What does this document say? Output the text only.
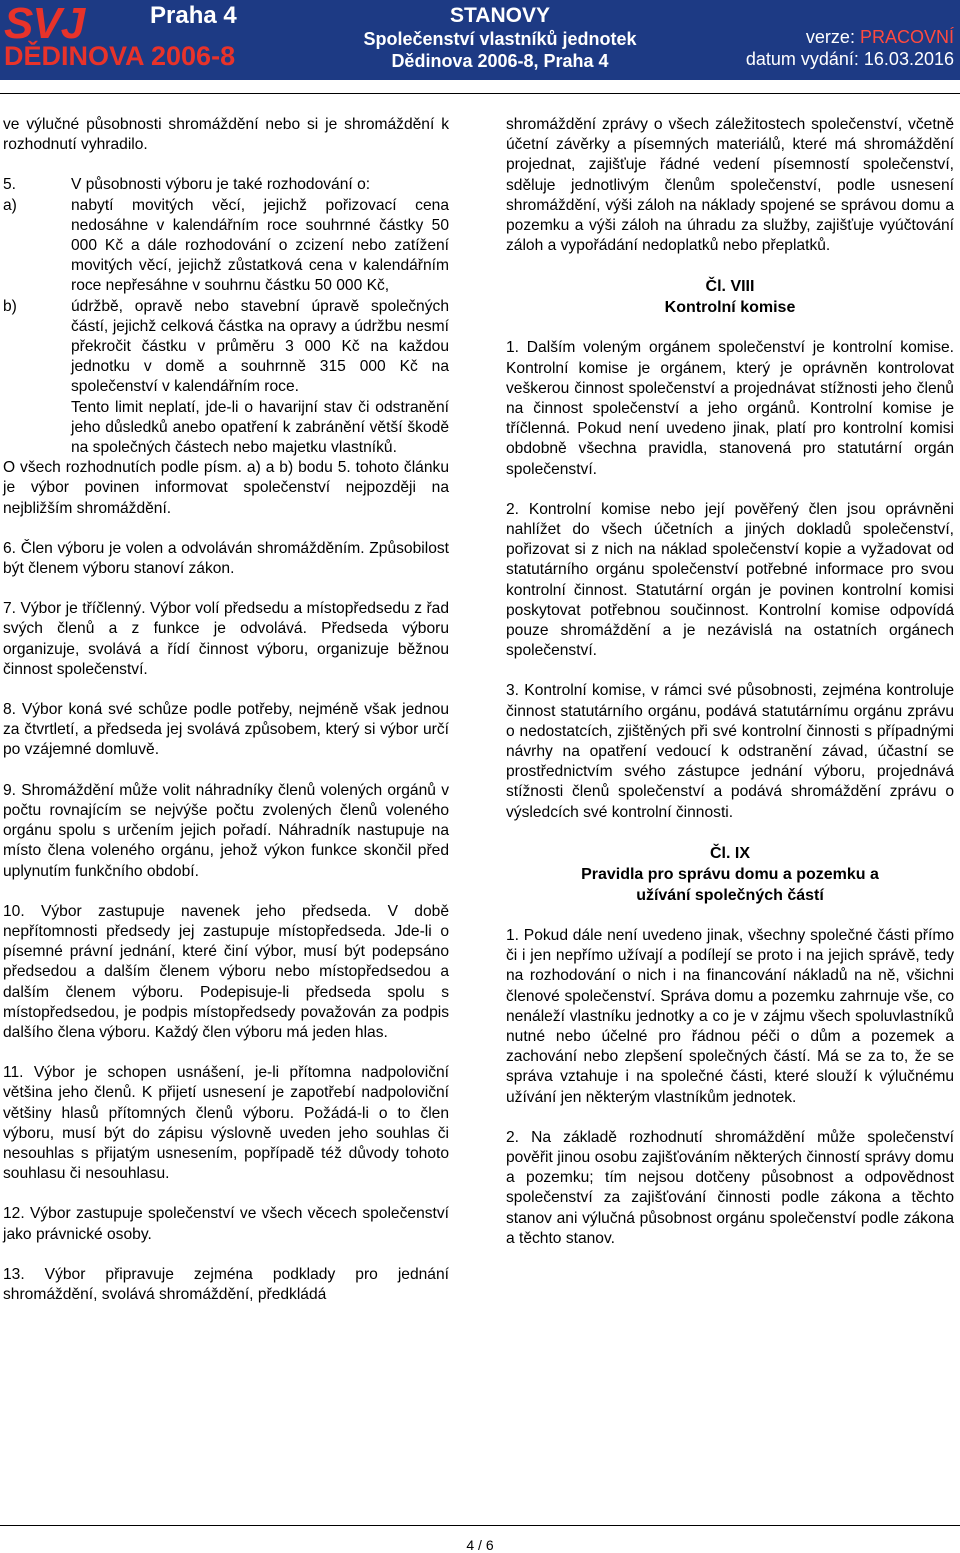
SVJ	Praha 4
DĚDINOVA 2006-8
STANOVY
Společenství vlastníků jednotek
Dědinova 2006-8, Praha 4
verze: PRACOVNÍ
datum vydání: 16.03.2016

ve výlučné působnosti shromáždění nebo si je shromáždění k rozhodnutí vyhradilo.

5.	V působnosti výboru je také rozhodování o:
a)	nabytí movitých věcí, jejichž pořizovací cena nedosáhne v kalendářním roce souhrnné částky 50 000 Kč a dále rozhodování o zcizení nebo zatížení movitých věcí, jejichž zůstatková cena v kalendářním roce nepřesáhne v souhrnu částku 50 000 Kč,
b)	údržbě, opravě nebo stavební úpravě společných částí, jejichž celková částka na opravy a údržbu nesmí překročit částku v průměru 3 000 Kč na každou jednotku v domě a souhrnně 315 000 Kč na společenství v kalendářním roce.

Tento limit neplatí, jde-li o havarijní stav či odstranění jeho důsledků anebo opatření k zabránění větší škodě na společných částech nebo majetku vlastníků.

O všech rozhodnutích podle písm. a) a b) bodu 5. tohoto článku je výbor povinen informovat společenství nejpozději na nejbližším shromáždění.

6. Člen výboru je volen a odvoláván shromážděním. Způsobilost být členem výboru stanoví zákon.

7. Výbor je tříčlenný. Výbor volí předsedu a místopředsedu z řad svých členů a z funkce je odvolává. Předseda výboru organizuje, svolává a řídí činnost výboru, organizuje běžnou činnost společenství.

8. Výbor koná své schůze podle potřeby, nejméně však jednou za čtvrtletí, a předseda jej svolává způsobem, který si výbor určí po vzájemné domluvě.

9. Shromáždění může volit náhradníky členů volených orgánů v počtu rovnajícím se nejvýše počtu zvolených členů voleného orgánu spolu s určením jejich pořadí. Náhradník nastupuje na místo člena voleného orgánu, jehož výkon funkce skončil před uplynutím funkčního období.

10. Výbor zastupuje navenek jeho předseda. V době nepřítomnosti předsedy jej zastupuje místopředseda. Jde-li o písemné právní jednání, které činí výbor, musí být podepsáno předsedou a dalším členem výboru nebo místopředsedou a dalším členem výboru. Podepisuje-li předseda spolu s místopředsedou, je podpis místopředsedy považován za podpis dalšího člena výboru. Každý člen výboru má jeden hlas.

11. Výbor je schopen usnášení, je-li přítomna nadpoloviční většina jeho členů. K přijetí usnesení je zapotřebí nadpoloviční většiny hlasů přítomných členů výboru. Požádá-li o to člen výboru, musí být do zápisu výslovně uveden jeho souhlas či nesouhlas s přijatým usnesením, popřípadě též důvody tohoto souhlasu či nesouhlasu.

12. Výbor zastupuje společenství ve všech věcech společenství jako právnické osoby.

13. Výbor připravuje zejména podklady pro jednání shromáždění, svolává shromáždění, předkládá

shromáždění zprávy o všech záležitostech společenství, včetně účetní závěrky a písemných materiálů, které má shromáždění projednat, zajišťuje řádné vedení písemností společenství, sděluje jednotlivým členům společenství, podle usnesení shromáždění, výši záloh na náklady spojené se správou domu a pozemku a výši záloh na úhradu za služby, zajišťuje vyúčtování záloh a vypořádání nedoplatků nebo přeplatků.

Čl. VIII

Kontrolní komise

1. Dalším voleným orgánem společenství je kontrolní komise. Kontrolní komise je orgánem, který je oprávněn kontrolovat veškerou činnost společenství a projednávat stížnosti jeho členů na činnost společenství a jeho orgánů. Kontrolní komise je tříčlenná. Pokud není uvedeno jinak, platí pro kontrolní komisi obdobně všechna pravidla, stanovená pro statutární orgán společenství.

2. Kontrolní komise nebo její pověřený člen jsou oprávněni nahlížet do všech účetních a jiných dokladů společenství, pořizovat si z nich na náklad společenství kopie a vyžadovat od statutárního orgánu společenství potřebné informace pro svou kontrolní činnost. Statutární orgán je povinen kontrolní komisi poskytovat potřebnou součinnost. Kontrolní komise odpovídá pouze shromáždění a je nezávislá na ostatních orgánech společenství.

3. Kontrolní komise, v rámci své působnosti, zejména kontroluje činnost statutárního orgánu, podává statutárnímu orgánu zprávu o nedostatcích, zjištěných při své kontrolní činnosti s případnými návrhy na opatření vedoucí k odstranění závad, účastní se prostřednictvím svého zástupce jednání výboru, projednává stížnosti členů společenství a podává shromáždění zprávu o výsledcích své kontrolní činnosti.

Čl. IX

Pravidla pro správu domu a pozemku a užívání společných částí

1. Pokud dále není uvedeno jinak, všechny společné části přímo či i jen nepřímo užívají a podílejí se proto i na jejich správě, tedy na rozhodování o nich i na financování nákladů na ně, všichni členové společenství. Správa domu a pozemku zahrnuje vše, co nenáleží vlastníku jednotky a co je v zájmu všech spoluvlastníků nutné nebo účelné pro řádnou péči o dům a pozemek a zachování nebo zlepšení společných částí. Má se za to, že se správa vztahuje i na společné části, které slouží k výlučnému užívání jen některým vlastníkům jednotek.

2. Na základě rozhodnutí shromáždění může společenství pověřit jinou osobu zajišťováním některých činností správy domu a pozemku; tím nejsou dotčeny působnost a odpovědnost společenství za zajišťování činnosti podle zákona a těchto stanov ani výlučná působnost orgánu společenství podle zákona a těchto stanov.

4 / 6
